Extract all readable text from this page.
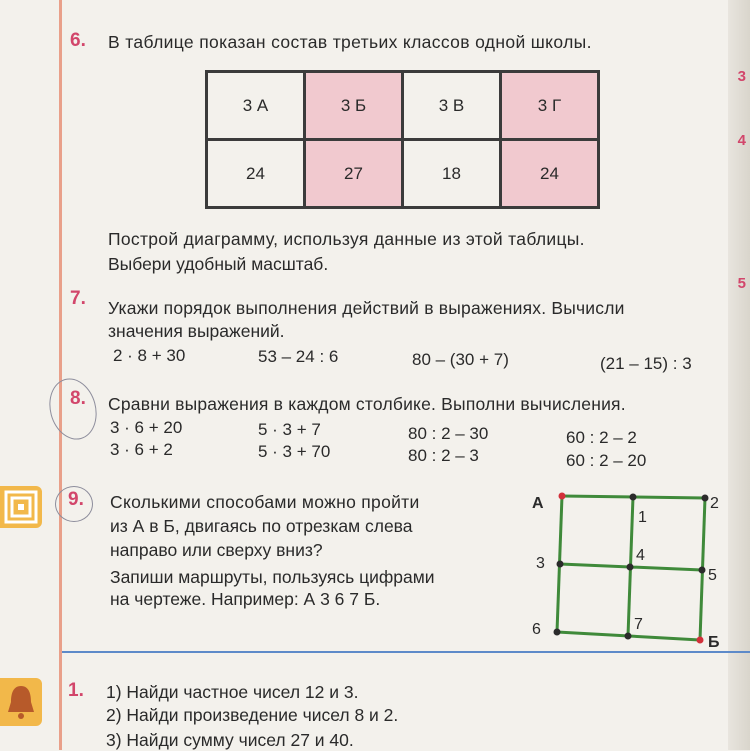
3
4
5
6. В таблице показан состав третьих классов одной школы.
3 А	3 Б	3 В	3 Г
24	27	18	24
Построй диаграмму, используя данные из этой таблицы.
Выбери удобный масштаб.
7. Укажи порядок выполнения действий в выражениях. Вычисли
значения выражений.
2 · 8 + 30	53 – 24 : 6	80 – (30 + 7)	(21 – 15) : 3
8. Сравни выражения в каждом столбике. Выполни вычисления.
3 · 6 + 20
3 · 6 + 2
5 · 3 + 7
5 · 3 + 70
80 : 2 – 30
80 : 2 – 3
60 : 2 – 2
60 : 2 – 20
9. Сколькими способами можно пройти
из А в Б, двигаясь по отрезкам слева
направо или сверху вниз?
Запиши маршруты, пользуясь цифрами
на чертеже. Например: А 3 6 7 Б.
А	2
1
3	4
5
6	7
Б
1. 1) Найди частное чисел 12 и 3.
2) Найди произведение чисел 8 и 2.
3) Найди сумму чисел 27 и 40.
